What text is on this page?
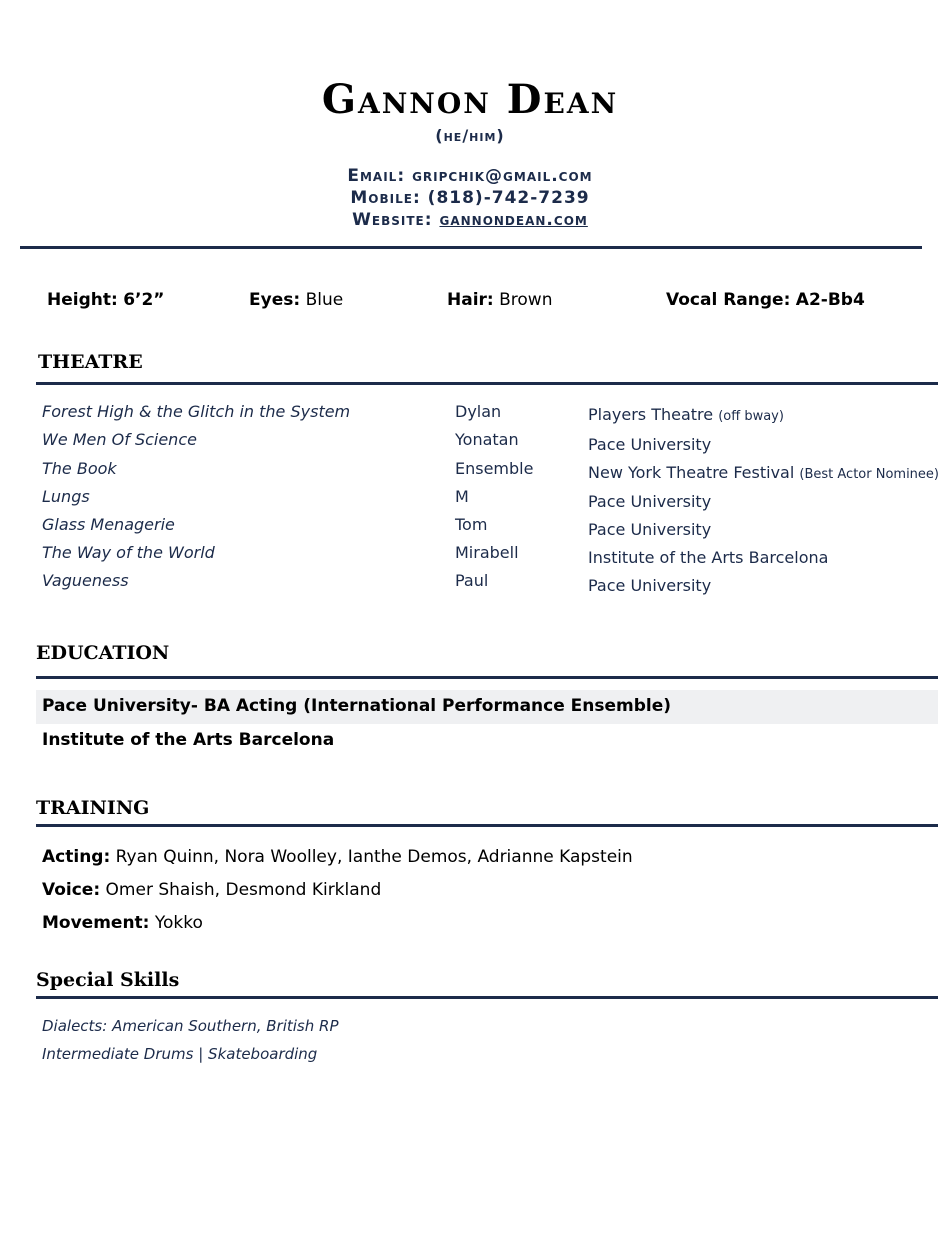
Gannon Dean
(he/him)
Email: gripchik@gmail.com
Mobile: (818)-742-7239
Website: gannondean.com
Height: 6’2”	Eyes: Blue	Hair: Brown	Vocal Range: A2-Bb4
THEATRE
Forest High & the Glitch in the System	Dylan	Players Theatre (off bway)
We Men Of Science	Yonatan	Pace University
The Book	Ensemble	New York Theatre Festival (Best Actor Nominee)
Lungs	M	Pace University
Glass Menagerie	Tom	Pace University
The Way of the World	Mirabell	Institute of the Arts Barcelona
Vagueness	Paul	Pace University
EDUCATION
Pace University- BA Acting (International Performance Ensemble)
Institute of the Arts Barcelona
TRAINING
Acting: Ryan Quinn, Nora Woolley, Ianthe Demos, Adrianne Kapstein
Voice: Omer Shaish, Desmond Kirkland
Movement: Yokko
Special Skills
Dialects: American Southern, British RP
Intermediate Drums | Skateboarding
